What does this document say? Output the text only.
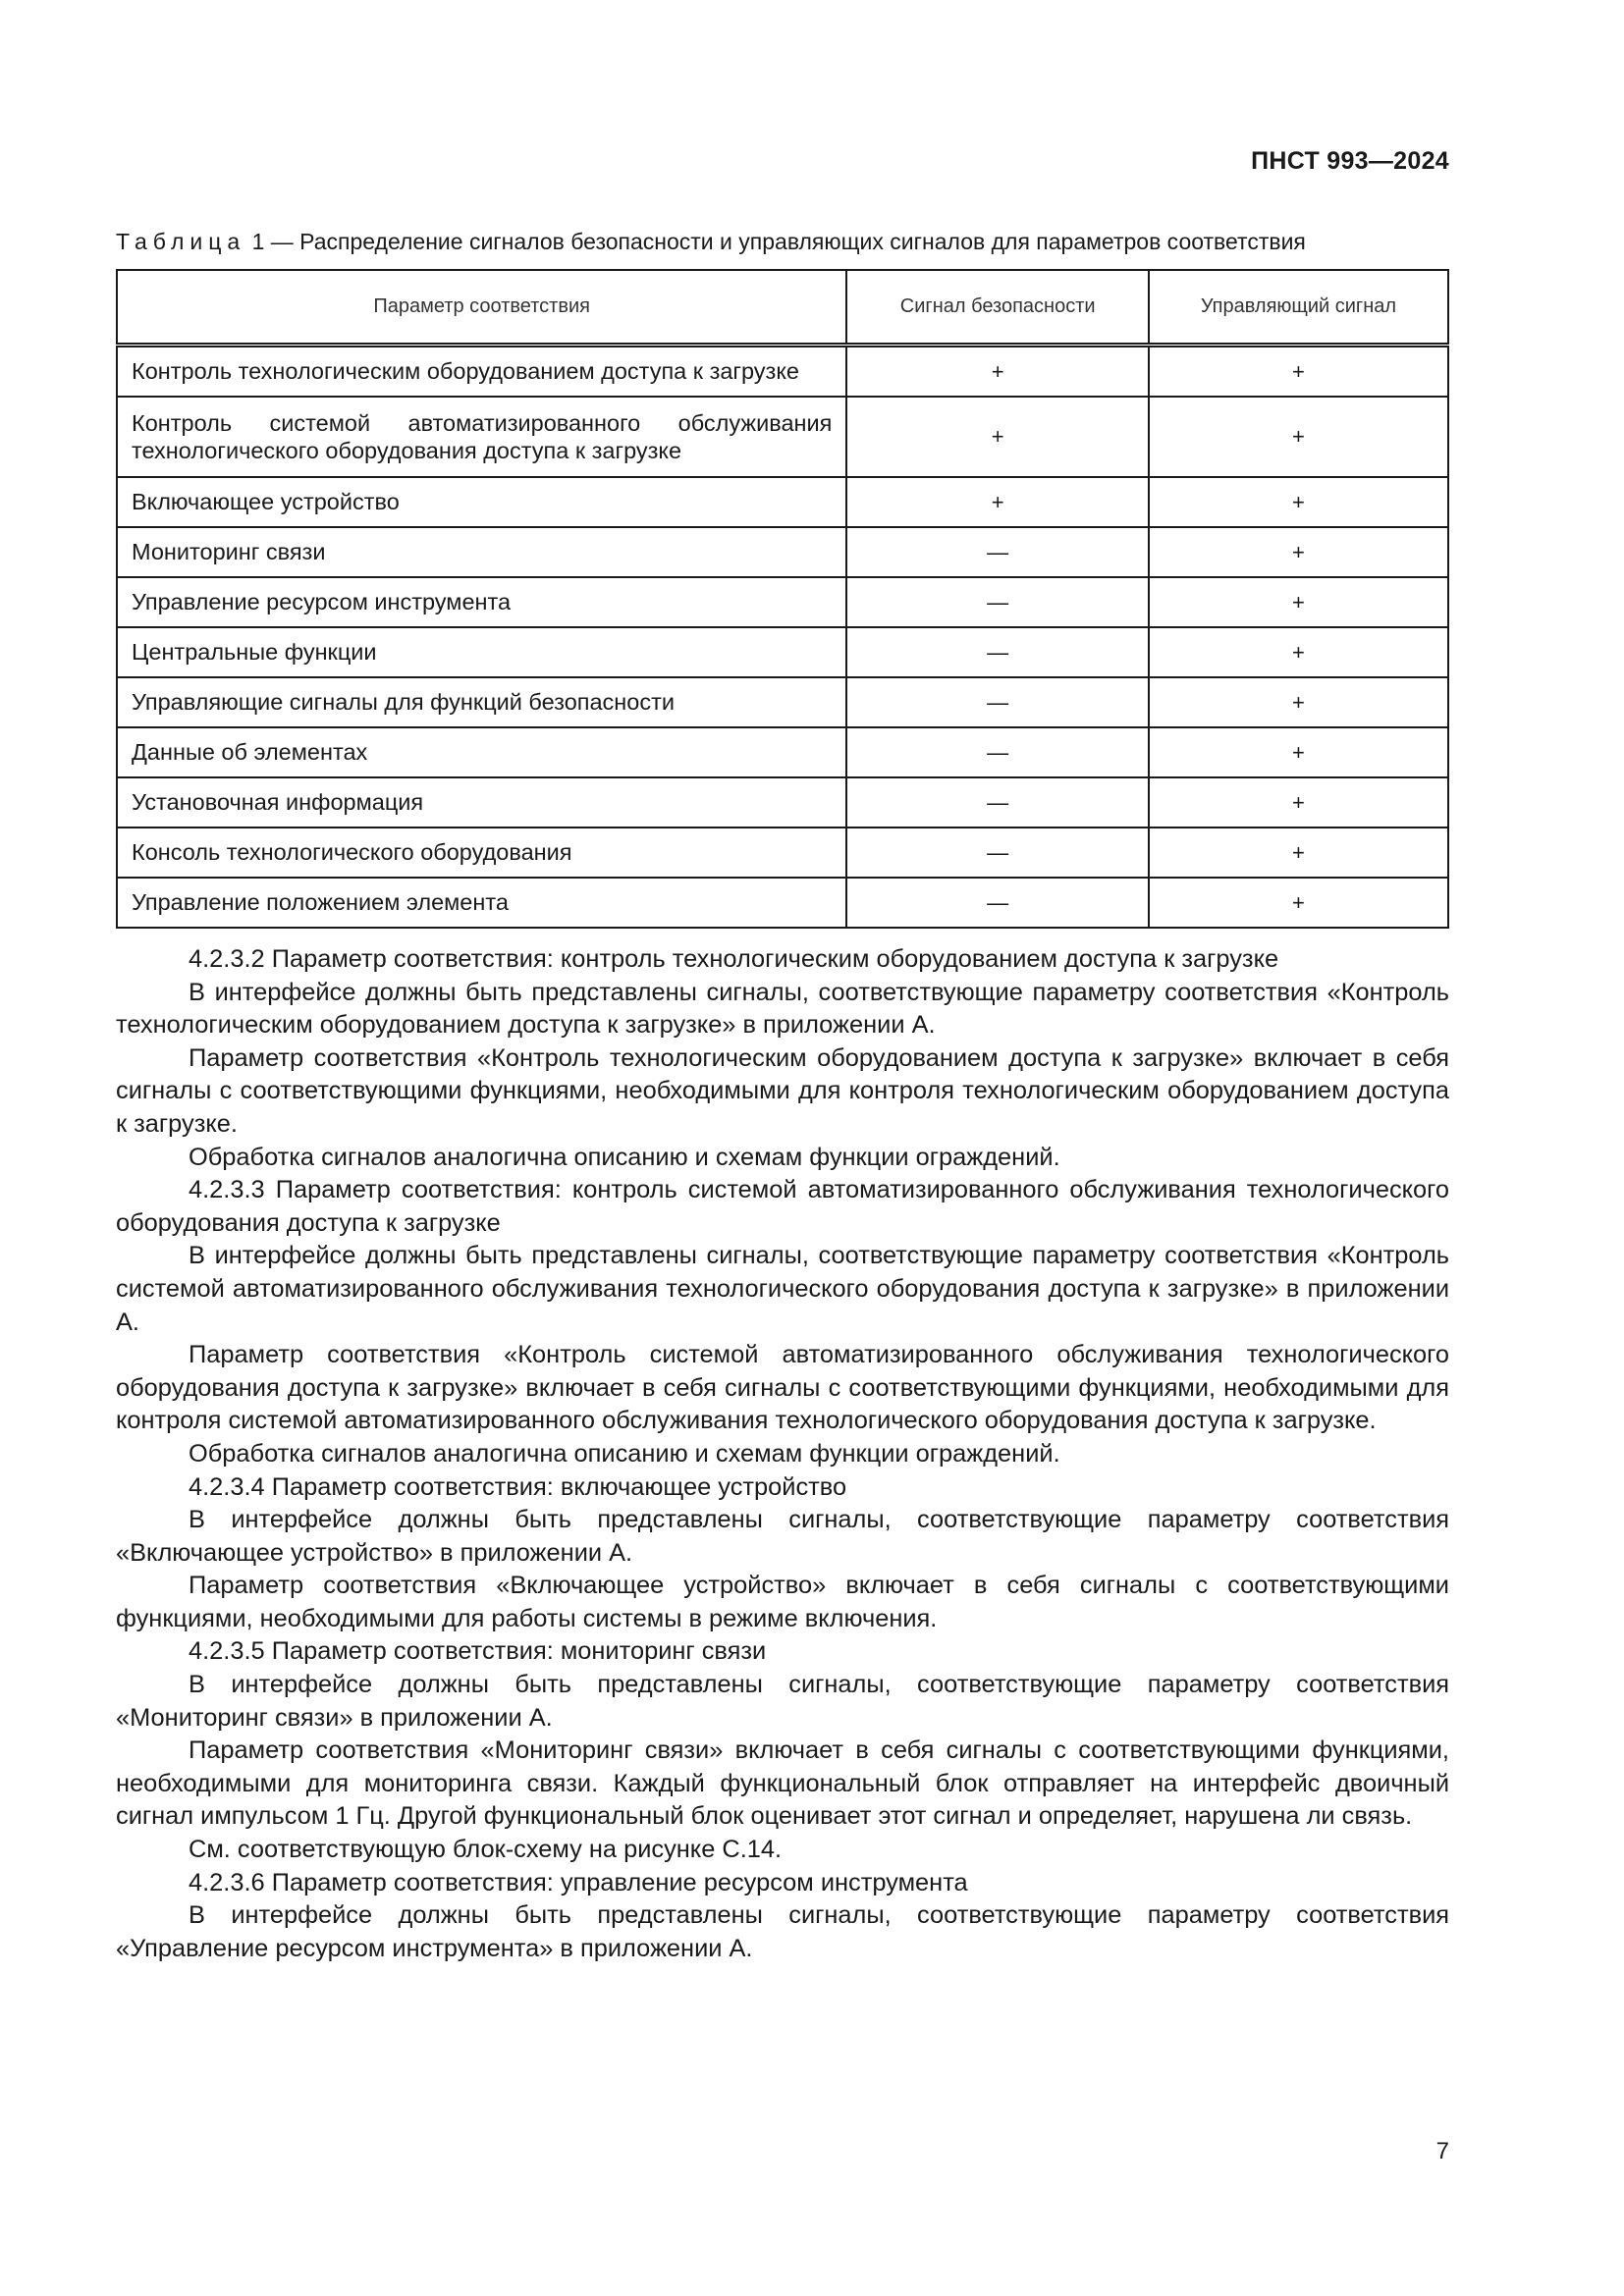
ПНСТ 993—2024
Таблица 1 — Распределение сигналов безопасности и управляющих сигналов для параметров соответствия
Параметр соответствия	Сигнал безопасности	Управляющий сигнал
Контроль технологическим оборудованием доступа к загрузке	+	+
Контроль системой автоматизированного обслуживания технологического оборудования доступа к загрузке	+	+
Включающее устройство	+	+
Мониторинг связи	—	+
Управление ресурсом инструмента	—	+
Центральные функции	—	+
Управляющие сигналы для функций безопасности	—	+
Данные об элементах	—	+
Установочная информация	—	+
Консоль технологического оборудования	—	+
Управление положением элемента	—	+

4.2.3.2 Параметр соответствия: контроль технологическим оборудованием доступа к загрузке

В интерфейсе должны быть представлены сигналы, соответствующие параметру соответствия «Контроль технологическим оборудованием доступа к загрузке» в приложении А.

Параметр соответствия «Контроль технологическим оборудованием доступа к загрузке» включает в себя сигналы с соответствующими функциями, необходимыми для контроля технологическим оборудованием доступа к загрузке.

Обработка сигналов аналогична описанию и схемам функции ограждений.

4.2.3.3 Параметр соответствия: контроль системой автоматизированного обслуживания технологического оборудования доступа к загрузке

В интерфейсе должны быть представлены сигналы, соответствующие параметру соответствия «Контроль системой автоматизированного обслуживания технологического оборудования доступа к загрузке» в приложении А.

Параметр соответствия «Контроль системой автоматизированного обслуживания технологического оборудования доступа к загрузке» включает в себя сигналы с соответствующими функциями, необходимыми для контроля системой автоматизированного обслуживания технологического оборудования доступа к загрузке.

Обработка сигналов аналогична описанию и схемам функции ограждений.

4.2.3.4 Параметр соответствия: включающее устройство

В интерфейсе должны быть представлены сигналы, соответствующие параметру соответствия «Включающее устройство» в приложении А.

Параметр соответствия «Включающее устройство» включает в себя сигналы с соответствующими функциями, необходимыми для работы системы в режиме включения.

4.2.3.5 Параметр соответствия: мониторинг связи

В интерфейсе должны быть представлены сигналы, соответствующие параметру соответствия «Мониторинг связи» в приложении А.

Параметр соответствия «Мониторинг связи» включает в себя сигналы с соответствующими функциями, необходимыми для мониторинга связи. Каждый функциональный блок отправляет на интерфейс двоичный сигнал импульсом 1 Гц. Другой функциональный блок оценивает этот сигнал и определяет, нарушена ли связь.

См. соответствующую блок-схему на рисунке С.14.

4.2.3.6 Параметр соответствия: управление ресурсом инструмента

В интерфейсе должны быть представлены сигналы, соответствующие параметру соответствия «Управление ресурсом инструмента» в приложении А.

7
